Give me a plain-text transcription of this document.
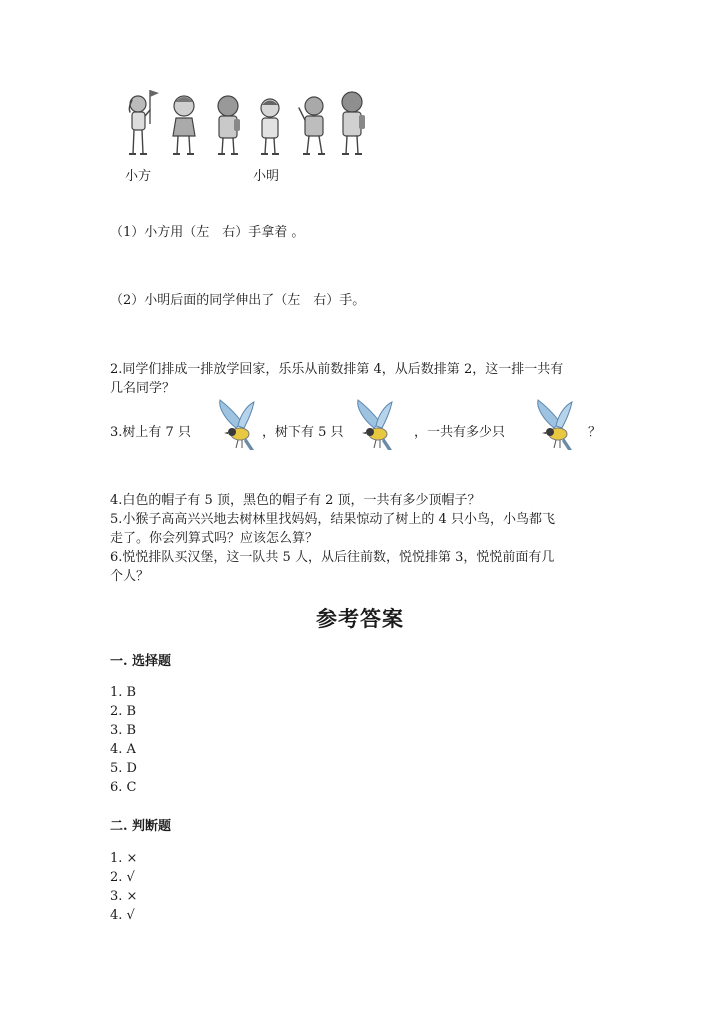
小方	小明
（1）小方用（左　右）手拿着 。
（2）小明后面的同学伸出了（左　右）手。
2.同学们排成一排放学回家，乐乐从前数排第 4，从后数排第 2，这一排一共有
几名同学？
3.树上有 7 只	，树下有 5 只	，一共有多少只	？
4.白色的帽子有 5 顶，黑色的帽子有 2 顶，一共有多少顶帽子？
5.小猴子高高兴兴地去树林里找妈妈，结果惊动了树上的 4 只小鸟，小鸟都飞
走了。你会列算式吗？应该怎么算？
6.悦悦排队买汉堡，这一队共 5 人，从后往前数，悦悦排第 3，悦悦前面有几
个人？
参考答案
一. 选择题
1. B
2. B
3. B
4. A
5. D
6. C
二. 判断题
1. ×
2. √
3. ×
4. √
